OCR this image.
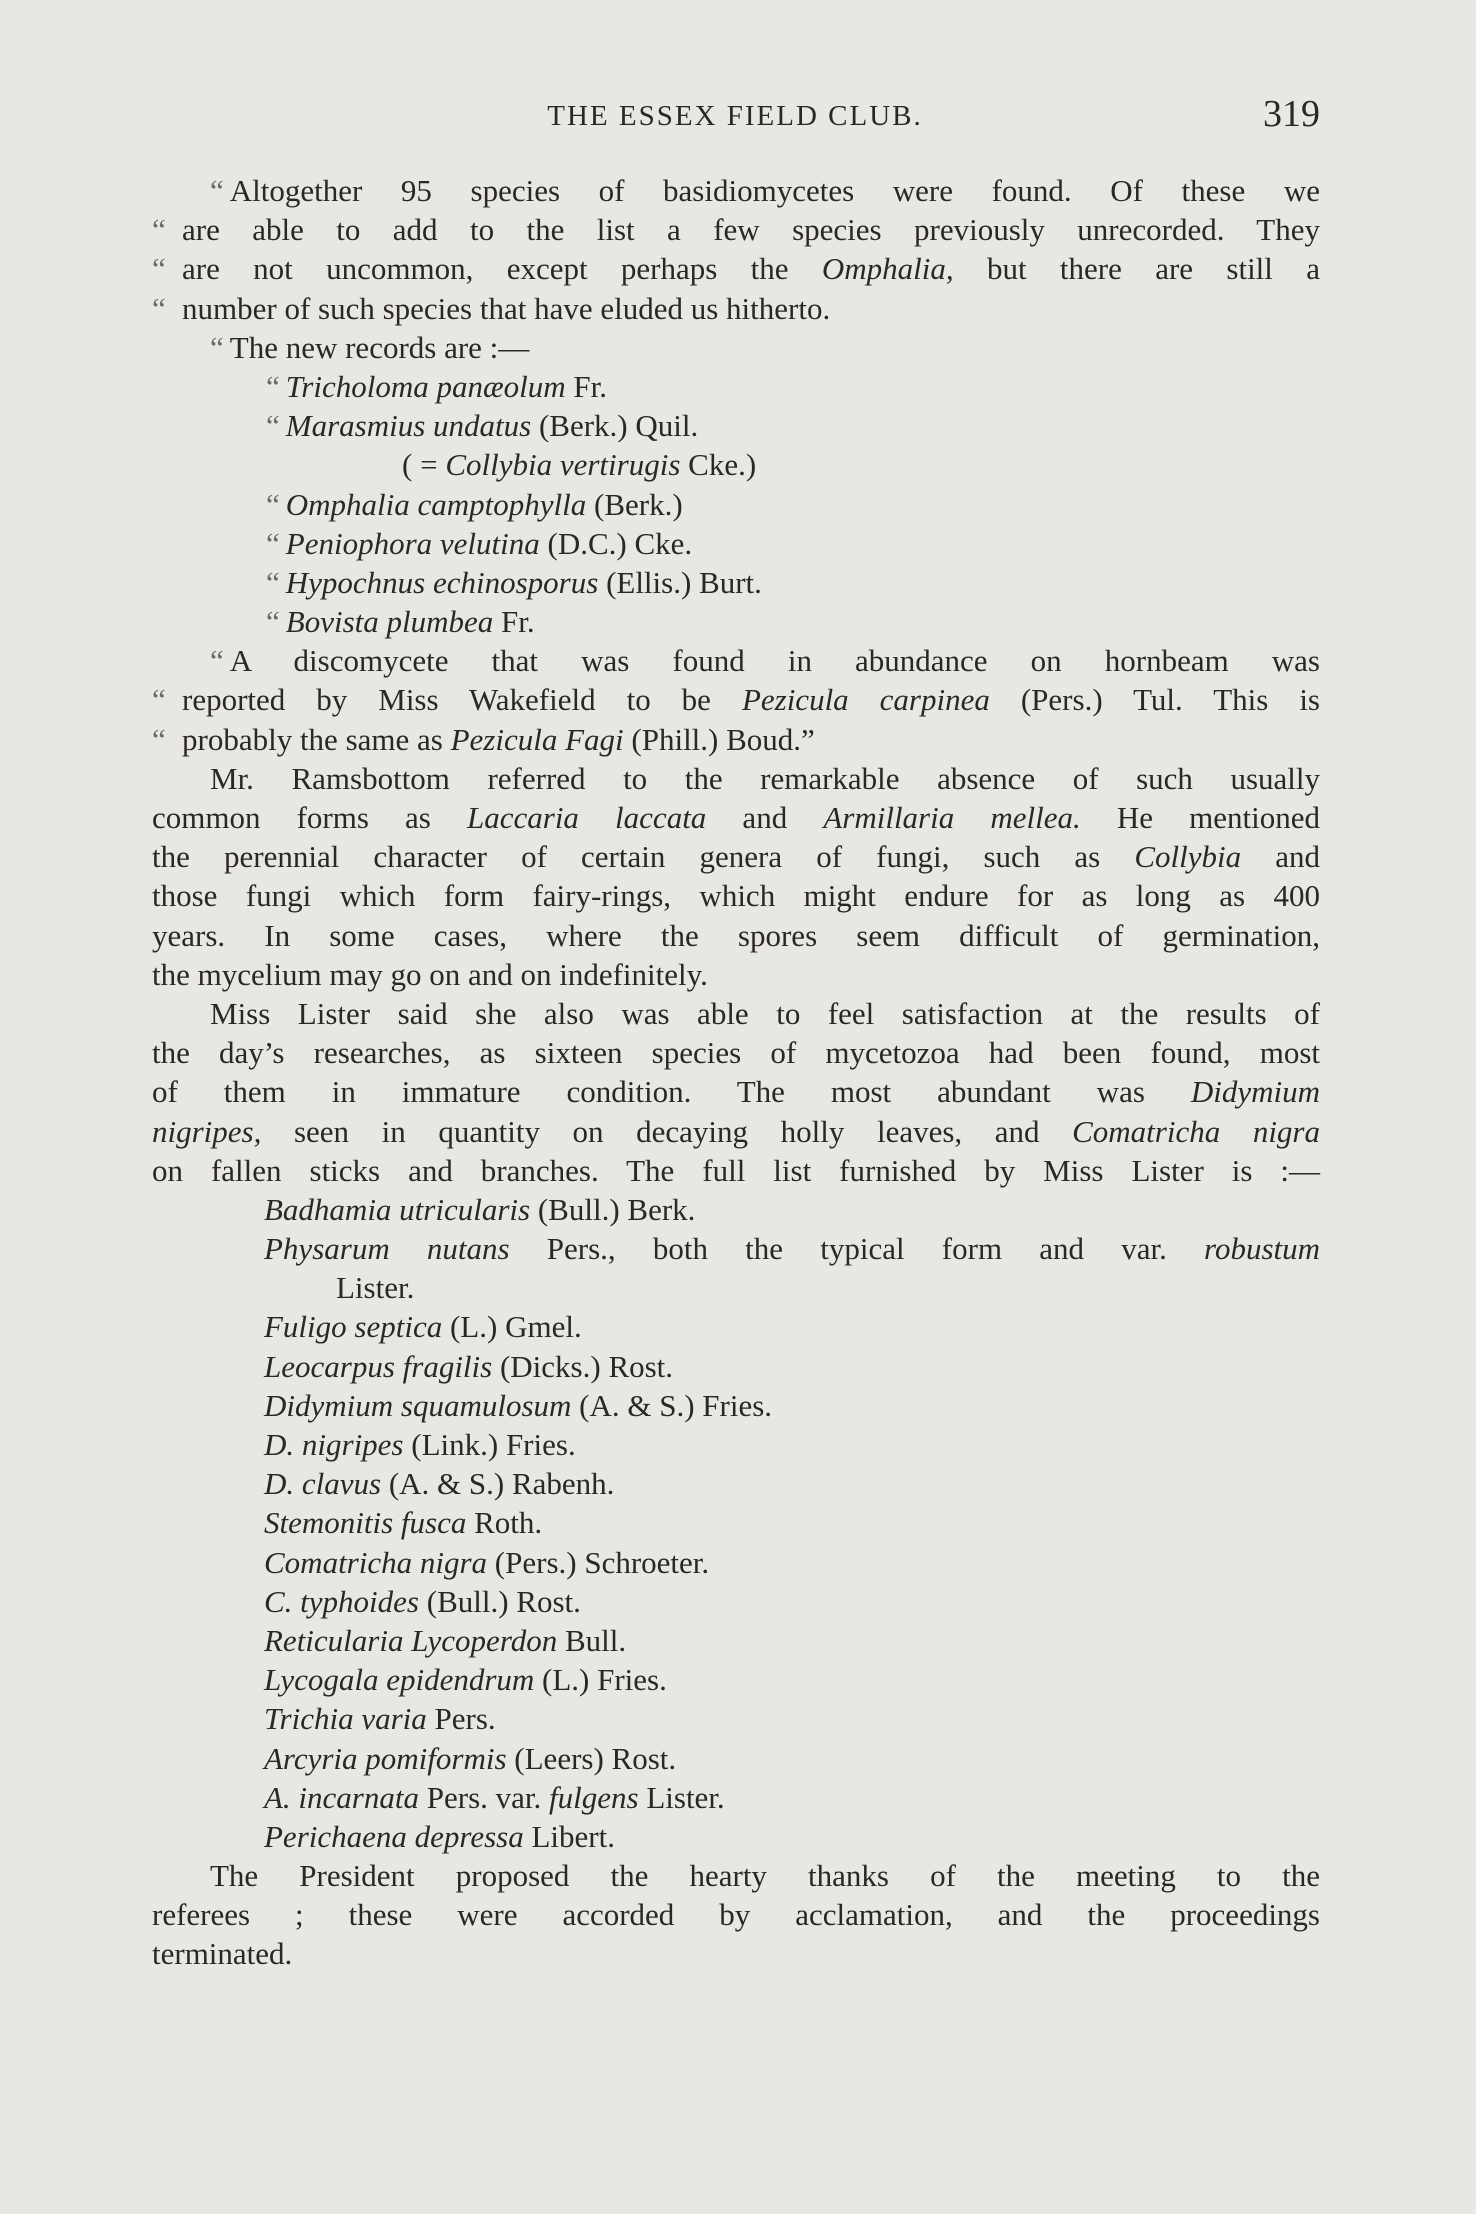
THE ESSEX FIELD CLUB.	319
“ Altogether 95 species of basidiomycetes were found. Of these we
“ are able to add to the list a few species previously unrecorded. They
“ are not uncommon, except perhaps the Omphalia, but there are still a
“ number of such species that have eluded us hitherto.
“ The new records are :—
“ Tricholoma panæolum Fr.
“ Marasmius undatus (Berk.) Quil.
( = Collybia vertirugis Cke.)
“ Omphalia camptophylla (Berk.)
“ Peniophora velutina (D.C.) Cke.
“ Hypochnus echinosporus (Ellis.) Burt.
“ Bovista plumbea Fr.
“ A discomycete that was found in abundance on hornbeam was
“ reported by Miss Wakefield to be Pezicula carpinea (Pers.) Tul. This is
“ probably the same as Pezicula Fagi (Phill.) Boud.”
Mr. Ramsbottom referred to the remarkable absence of such usually
common forms as Laccaria laccata and Armillaria mellea. He mentioned
the perennial character of certain genera of fungi, such as Collybia and
those fungi which form fairy-rings, which might endure for as long as 400
years. In some cases, where the spores seem difficult of germination,
the mycelium may go on and on indefinitely.
Miss Lister said she also was able to feel satisfaction at the results of
the day’s researches, as sixteen species of mycetozoa had been found, most
of them in immature condition. The most abundant was Didymium
nigripes, seen in quantity on decaying holly leaves, and Comatricha nigra
on fallen sticks and branches. The full list furnished by Miss Lister is :—
Badhamia utricularis (Bull.) Berk.
Physarum nutans Pers., both the typical form and var. robustum
Lister.
Fuligo septica (L.) Gmel.
Leocarpus fragilis (Dicks.) Rost.
Didymium squamulosum (A. & S.) Fries.
D. nigripes (Link.) Fries.
D. clavus (A. & S.) Rabenh.
Stemonitis fusca Roth.
Comatricha nigra (Pers.) Schroeter.
C. typhoides (Bull.) Rost.
Reticularia Lycoperdon Bull.
Lycogala epidendrum (L.) Fries.
Trichia varia Pers.
Arcyria pomiformis (Leers) Rost.
A. incarnata Pers. var. fulgens Lister.
Perichaena depressa Libert.
The President proposed the hearty thanks of the meeting to the
referees ; these were accorded by acclamation, and the proceedings
terminated.
